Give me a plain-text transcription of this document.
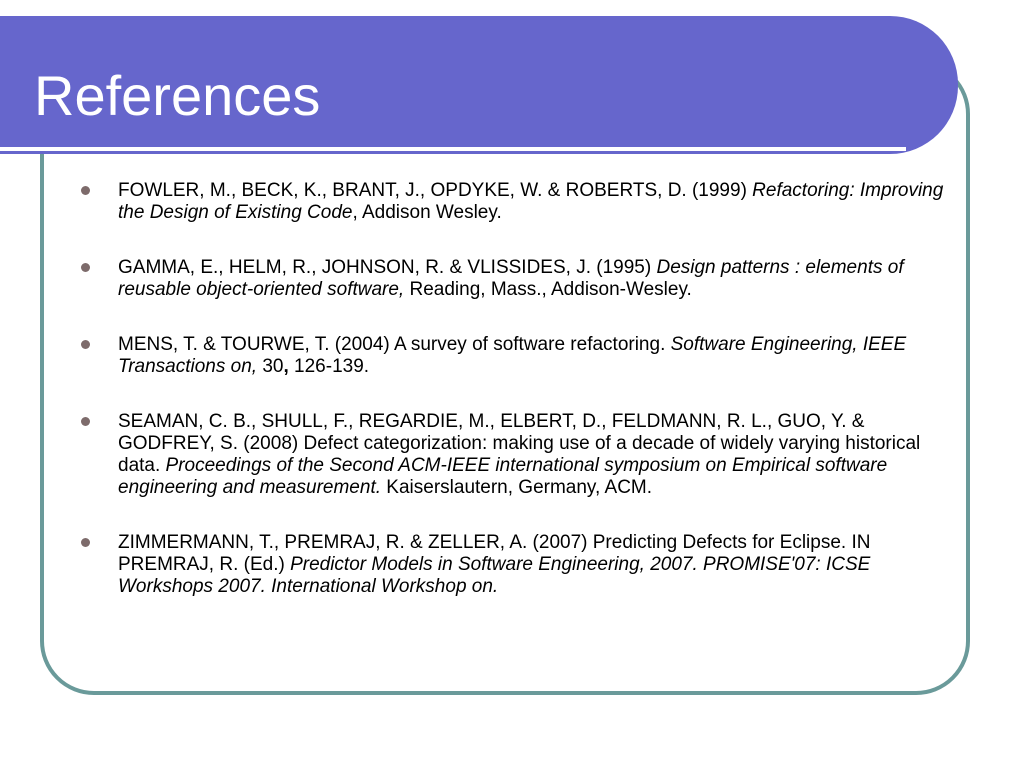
References
FOWLER, M., BECK, K., BRANT, J., OPDYKE, W. & ROBERTS, D. (1999) Refactoring: Improving the Design of Existing Code, Addison Wesley.
GAMMA, E., HELM, R., JOHNSON, R. & VLISSIDES, J. (1995) Design patterns : elements of reusable object-oriented software, Reading, Mass., Addison-Wesley.
MENS, T. & TOURWE, T. (2004) A survey of software refactoring. Software Engineering, IEEE Transactions on, 30, 126-139.
SEAMAN, C. B., SHULL, F., REGARDIE, M., ELBERT, D., FELDMANN, R. L., GUO, Y. & GODFREY, S. (2008) Defect categorization: making use of a decade of widely varying historical data. Proceedings of the Second ACM-IEEE international symposium on Empirical software engineering and measurement. Kaiserslautern, Germany, ACM.
ZIMMERMANN, T., PREMRAJ, R. & ZELLER, A. (2007) Predicting Defects for Eclipse. IN PREMRAJ, R. (Ed.) Predictor Models in Software Engineering, 2007. PROMISE'07: ICSE Workshops 2007. International Workshop on.
